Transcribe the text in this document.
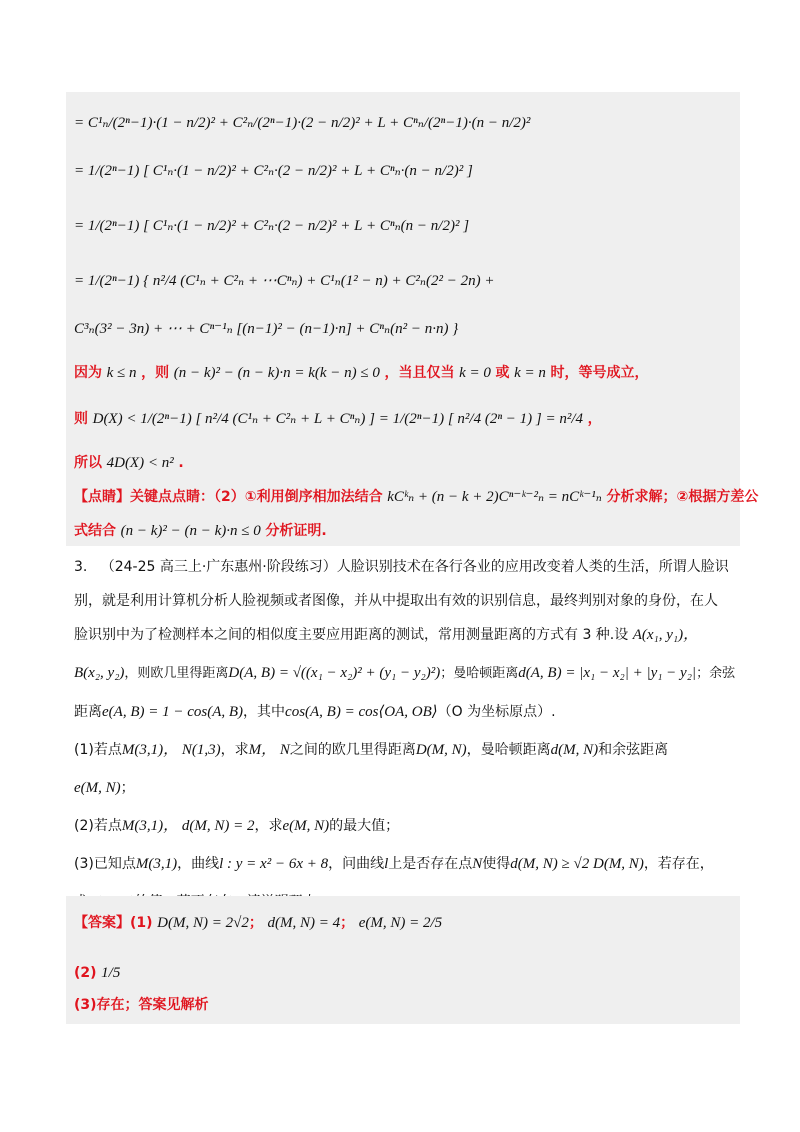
= C¹ₙ/(2ⁿ−1)·(1 − n/2)² + C²ₙ/(2ⁿ−1)·(2 − n/2)² + L + Cⁿₙ/(2ⁿ−1)·(n − n/2)²
= 1/(2ⁿ−1) [ C¹ₙ·(1 − n/2)² + C²ₙ·(2 − n/2)² + L + Cⁿₙ·(n − n/2)² ]
= 1/(2ⁿ−1) [ C¹ₙ·(1 − n/2)² + C²ₙ·(2 − n/2)² + L + Cⁿₙ(n − n/2)² ]
= 1/(2ⁿ−1) { n²/4 (C¹ₙ + C²ₙ + ⋯Cⁿₙ) + C¹ₙ(1² − n) + C²ₙ(2² − 2n) +
C³ₙ(3² − 3n) + ⋯ + Cⁿ⁻¹ₙ [(n−1)² − (n−1)·n] + Cⁿₙ(n² − n·n) }
因为 k ≤ n ，则 (n − k)² − (n − k)·n = k(k − n) ≤ 0 ，当且仅当 k = 0 或 k = n 时，等号成立，
则 D(X) < 1/(2ⁿ−1) [ n²/4 (C¹ₙ + C²ₙ + L + Cⁿₙ) ] = 1/(2ⁿ−1) [ n²/4 (2ⁿ − 1) ] = n²/4 ，
所以 4D(X) < n² .
【点睛】关键点点睛：（2）①利用倒序相加法结合 kCᵏₙ + (n − k + 2)Cⁿ⁻ᵏ⁻²ₙ = nCᵏ⁻¹ₙ 分析求解；②根据方差公
式结合 (n − k)² − (n − k)·n ≤ 0 分析证明.
3. （24-25 高三上·广东惠州·阶段练习）人脸识别技术在各行各业的应用改变着人类的生活，所谓人脸识
别，就是利用计算机分析人脸视频或者图像，并从中提取出有效的识别信息，最终判别对象的身份，在人
脸识别中为了检测样本之间的相似度主要应用距离的测试，常用测量距离的方式有 3 种.设 A(x₁, y₁)，
B(x₂, y₂)，则欧几里得距离D(A, B) = √((x₁ − x₂)² + (y₁ − y₂)²)；曼哈顿距离d(A, B) = |x₁ − x₂| + |y₁ − y₂|；余弦
距离e(A, B) = 1 − cos(A, B)，其中cos(A, B) = cos⟨OA, OB⟩（O 为坐标原点）.
(1)若点M(3,1)， N(1,3)，求M， N之间的欧几里得距离D(M, N)，曼哈顿距离d(M, N)和余弦距离
e(M, N)；
(2)若点M(3,1)， d(M, N) = 2，求e(M, N)的最大值；
(3)已知点M(3,1)，曲线l : y = x² − 6x + 8，问曲线l上是否存在点N使得d(M, N) ≥ √2 D(M, N)，若存在，
【答案】(1) D(M, N) = 2√2； d(M, N) = 4； e(M, N) = 2/5
(2) 1/5
(3)存在；答案见解析
